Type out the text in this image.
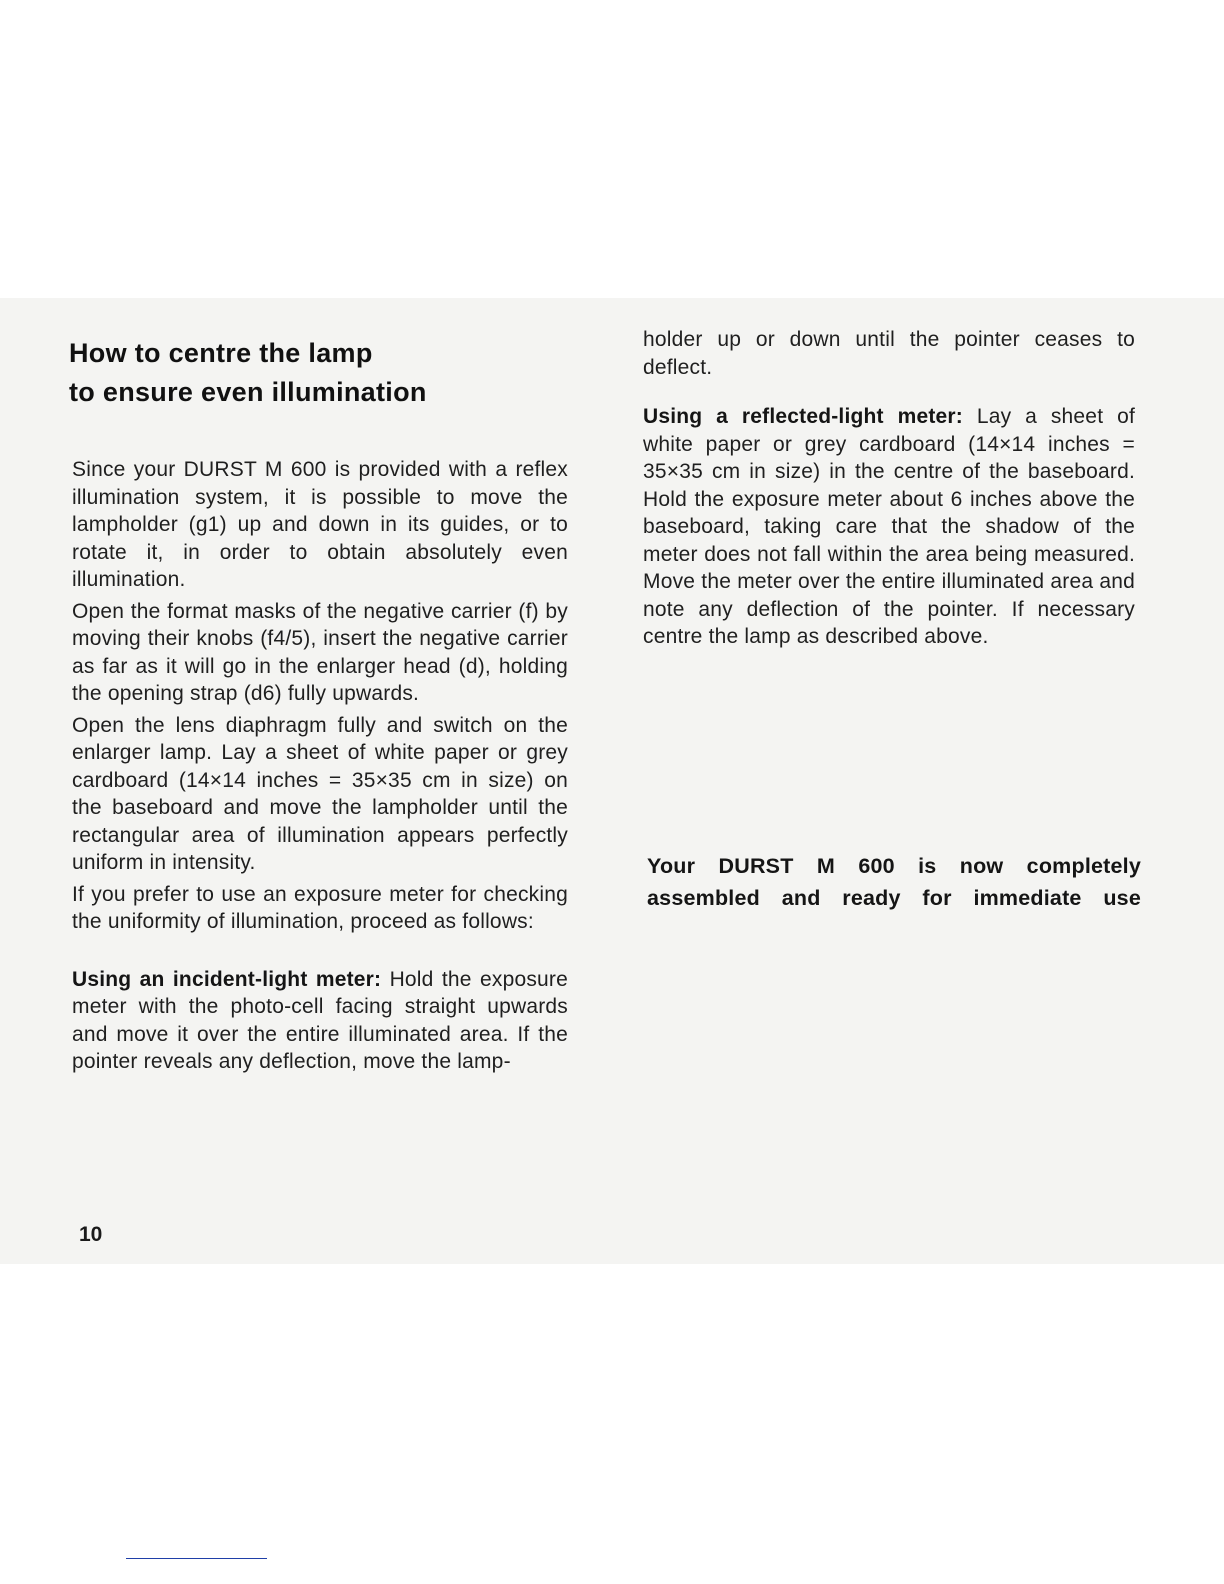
How to centre the lamp
to ensure even illumination

Since your DURST M 600 is provided with a reflex illumination system, it is possible to move the lampholder (g1) up and down in its guides, or to rotate it, in order to obtain absolutely even illumination.

Open the format masks of the negative carrier (f) by moving their knobs (f4/5), insert the negative carrier as far as it will go in the enlarger head (d), holding the opening strap (d6) fully upwards.

Open the lens diaphragm fully and switch on the enlarger lamp. Lay a sheet of white paper or grey cardboard (14×14 inches = 35×35 cm in size) on the baseboard and move the lampholder until the rectangular area of illumination appears perfectly uniform in intensity.

If you prefer to use an exposure meter for checking the uniformity of illumination, proceed as follows:

Using an incident-light meter: Hold the exposure meter with the photo-cell facing straight upwards and move it over the entire illuminated area. If the pointer reveals any deflection, move the lamp-

holder up or down until the pointer ceases to deflect.

Using a reflected-light meter: Lay a sheet of white paper or grey cardboard (14×14 inches = 35×35 cm in size) in the centre of the baseboard. Hold the exposure meter about 6 inches above the baseboard, taking care that the shadow of the meter does not fall within the area being measured. Move the meter over the entire illuminated area and note any deflection of the pointer. If necessary centre the lamp as described above.

Your DURST M 600 is now completely
assembled and ready for immediate use
10
